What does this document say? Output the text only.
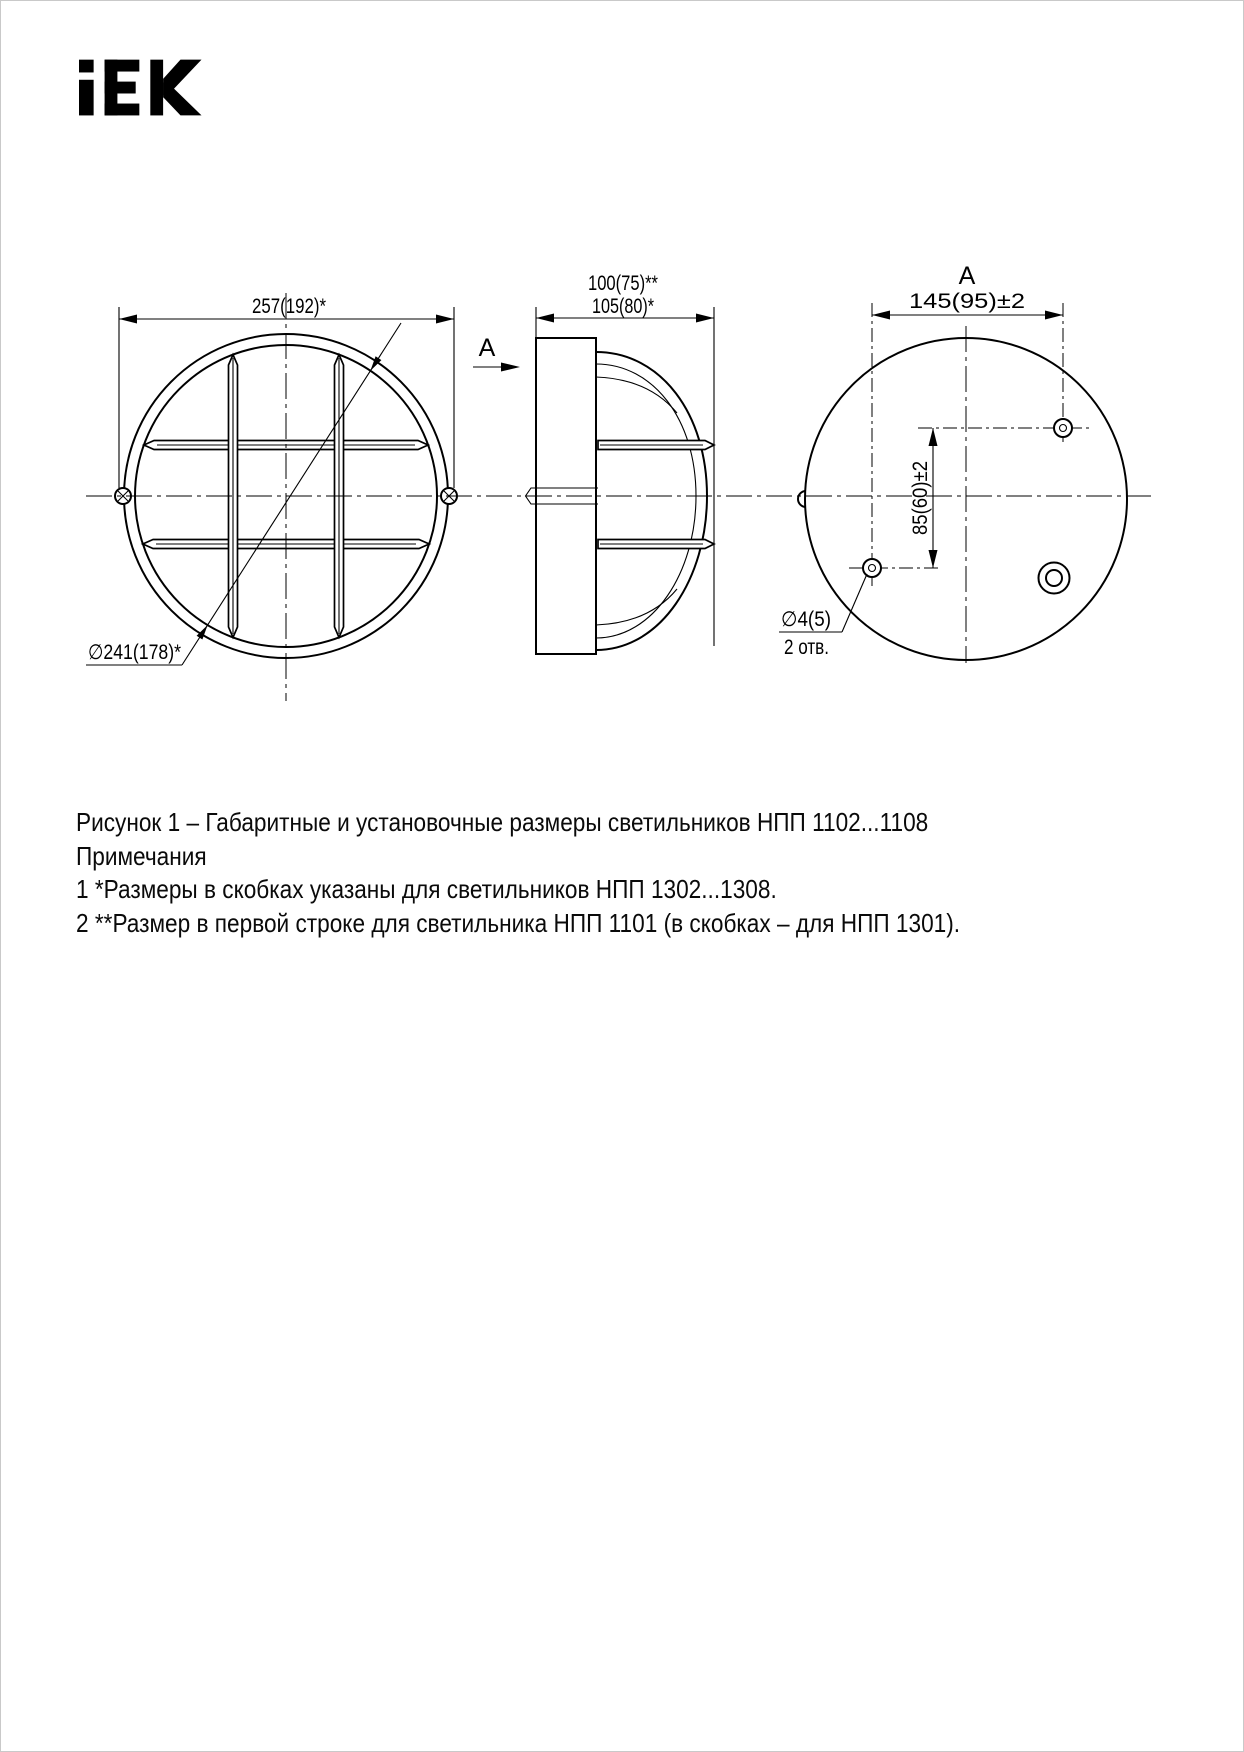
257(192)*
∅241(178)*
A
100(75)**
105(80)*
A
145(95)±2
85(60)±2
∅4(5)
2 отв.

Рисунок 1 – Габаритные и установочные размеры светильников НПП 1102...1108

Примечания

1 *Размеры в скобках указаны для светильников НПП 1302...1308.

2 **Размер в первой строке для светильника НПП 1101 (в скобках – для НПП 1301).
